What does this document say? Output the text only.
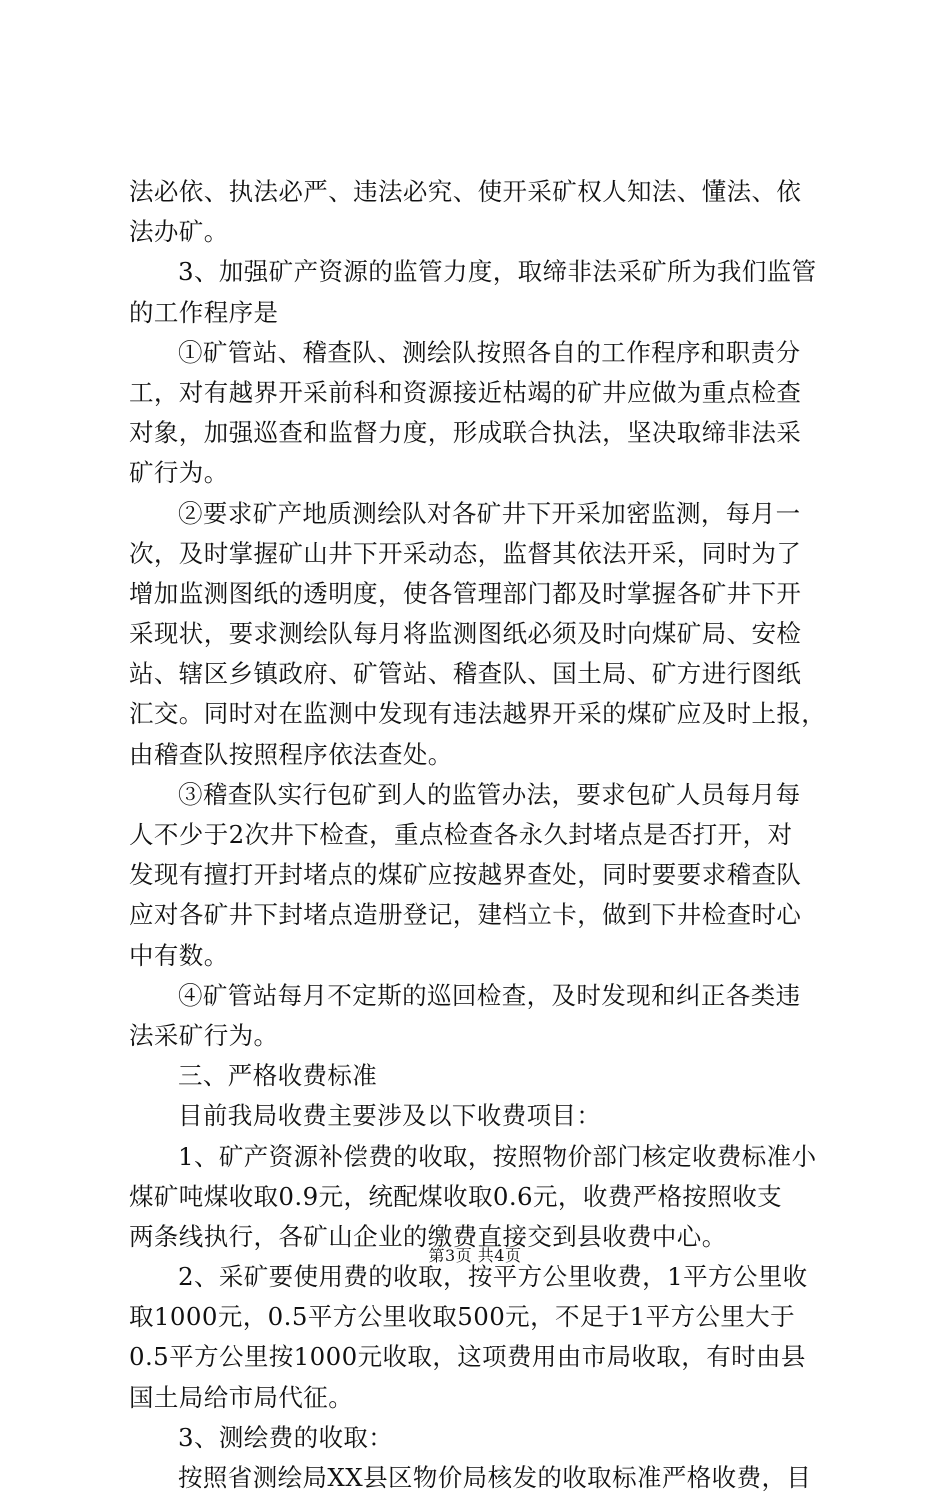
法必依、执法必严、违法必究、使开采矿权人知法、懂法、依
法办矿。
3、加强矿产资源的监管力度，取缔非法采矿所为我们监管
的工作程序是
①矿管站、稽查队、测绘队按照各自的工作程序和职责分
工，对有越界开采前科和资源接近枯竭的矿井应做为重点检查
对象，加强巡查和监督力度，形成联合执法，坚决取缔非法采
矿行为。
②要求矿产地质测绘队对各矿井下开采加密监测，每月一
次，及时掌握矿山井下开采动态，监督其依法开采，同时为了
增加监测图纸的透明度，使各管理部门都及时掌握各矿井下开
采现状，要求测绘队每月将监测图纸必须及时向煤矿局、安检
站、辖区乡镇政府、矿管站、稽查队、国土局、矿方进行图纸
汇交。同时对在监测中发现有违法越界开采的煤矿应及时上报，
由稽查队按照程序依法查处。
③稽查队实行包矿到人的监管办法，要求包矿人员每月每
人不少于2次井下检查，重点检查各永久封堵点是否打开，对
发现有擅打开封堵点的煤矿应按越界查处，同时要要求稽查队
应对各矿井下封堵点造册登记，建档立卡，做到下井检查时心
中有数。
④矿管站每月不定斯的巡回检查，及时发现和纠正各类违
法采矿行为。
三、严格收费标准
目前我局收费主要涉及以下收费项目：
1、矿产资源补偿费的收取，按照物价部门核定收费标准小
煤矿吨煤收取0.9元，统配煤收取0.6元，收费严格按照收支
两条线执行，各矿山企业的缴费直接交到县收费中心。
2、采矿要使用费的收取，按平方公里收费，1平方公里收
取1000元，0.5平方公里收取500元，不足于1平方公里大于
0.5平方公里按1000元收取，这项费用由市局收取，有时由县
国土局给市局代征。
3、测绘费的收取：
按照省测绘局XX县区物价局核发的收取标准严格收费，目
第3页 共4页
